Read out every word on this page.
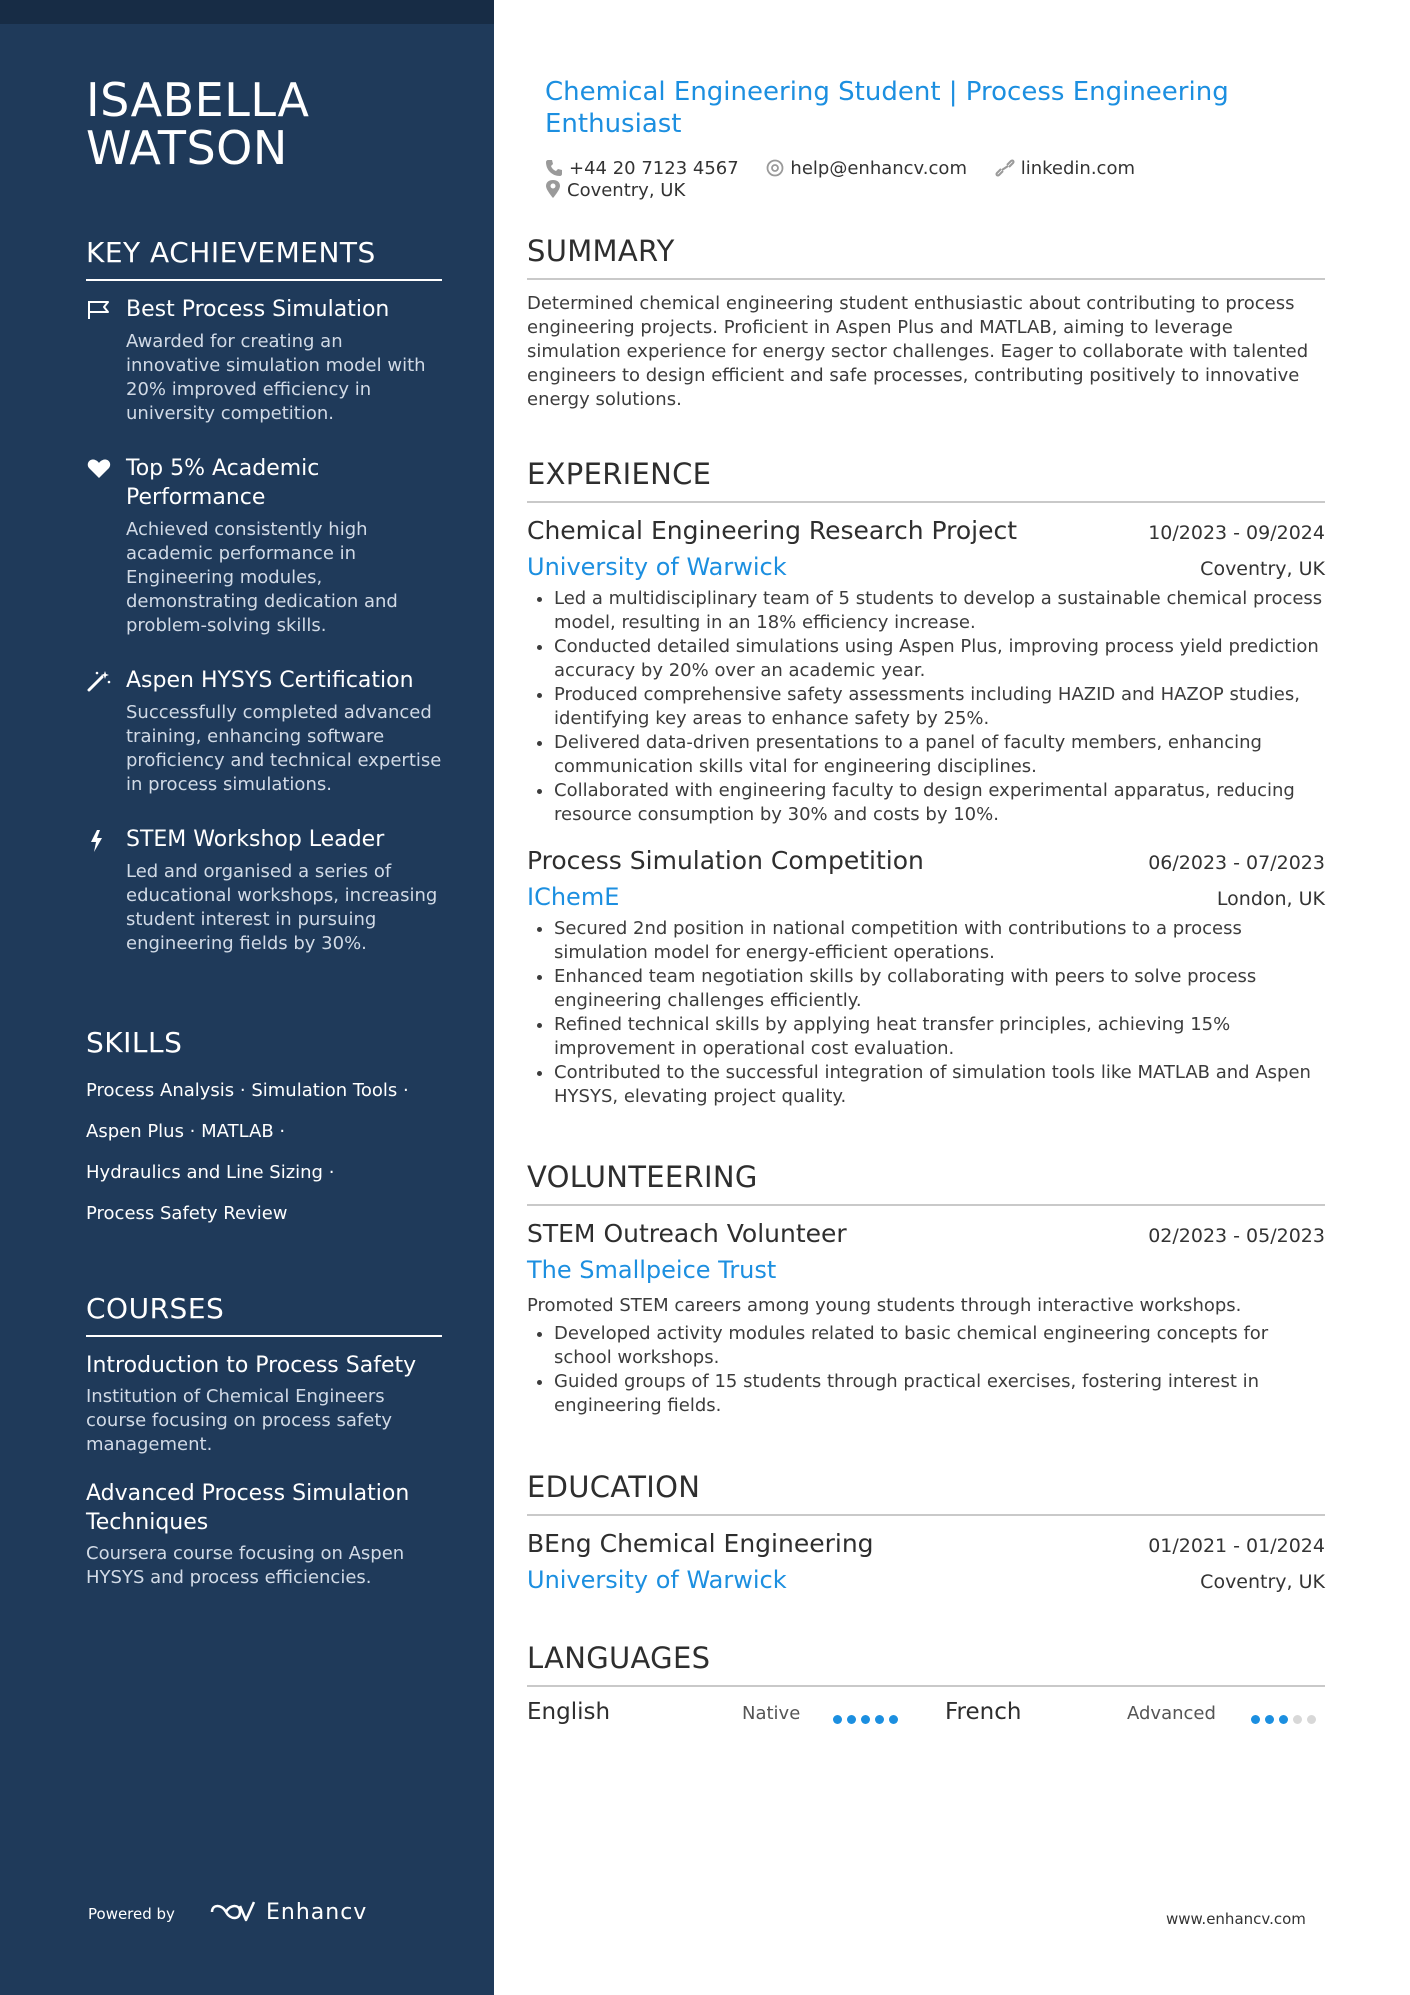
ISABELLA
WATSON
KEY ACHIEVEMENTS
Best Process Simulation
Awarded for creating an innovative simulation model with 20% improved efficiency in university competition.
Top 5% Academic Performance
Achieved consistently high academic performance in Engineering modules, demonstrating dedication and problem-solving skills.
Aspen HYSYS Certification
Successfully completed advanced training, enhancing software proficiency and technical expertise in process simulations.
STEM Workshop Leader
Led and organised a series of educational workshops, increasing student interest in pursuing engineering fields by 30%.
SKILLS
Process Analysis · Simulation Tools ·
Aspen Plus · MATLAB ·
Hydraulics and Line Sizing ·
Process Safety Review
COURSES
Introduction to Process Safety
Institution of Chemical Engineers course focusing on process safety management.
Advanced Process Simulation Techniques
Coursera course focusing on Aspen HYSYS and process efficiencies.
Powered by	Enhancv
Chemical Engineering Student | Process Engineering Enthusiast
+44 20 7123 4567	help@enhancv.com	linkedin.com Coventry, UK
SUMMARY
Determined chemical engineering student enthusiastic about contributing to process engineering projects. Proficient in Aspen Plus and MATLAB, aiming to leverage simulation experience for energy sector challenges. Eager to collaborate with talented engineers to design efficient and safe processes, contributing positively to innovative energy solutions.
EXPERIENCE
Chemical Engineering Research Project	10/2023 - 09/2024
University of Warwick	Coventry, UK
• Led a multidisciplinary team of 5 students to develop a sustainable chemical process model, resulting in an 18% efficiency increase.
• Conducted detailed simulations using Aspen Plus, improving process yield prediction accuracy by 20% over an academic year.
• Produced comprehensive safety assessments including HAZID and HAZOP studies, identifying key areas to enhance safety by 25%.
• Delivered data-driven presentations to a panel of faculty members, enhancing communication skills vital for engineering disciplines.
• Collaborated with engineering faculty to design experimental apparatus, reducing resource consumption by 30% and costs by 10%.
Process Simulation Competition	06/2023 - 07/2023
IChemE	London, UK
• Secured 2nd position in national competition with contributions to a process simulation model for energy-efficient operations.
• Enhanced team negotiation skills by collaborating with peers to solve process engineering challenges efficiently.
• Refined technical skills by applying heat transfer principles, achieving 15% improvement in operational cost evaluation.
• Contributed to the successful integration of simulation tools like MATLAB and Aspen HYSYS, elevating project quality.
VOLUNTEERING
STEM Outreach Volunteer	02/2023 - 05/2023
The Smallpeice Trust
Promoted STEM careers among young students through interactive workshops.
• Developed activity modules related to basic chemical engineering concepts for school workshops.
• Guided groups of 15 students through practical exercises, fostering interest in engineering fields.
EDUCATION
BEng Chemical Engineering	01/2021 - 01/2024
University of Warwick	Coventry, UK
LANGUAGES
English	Native	French	Advanced
www.enhancv.com
